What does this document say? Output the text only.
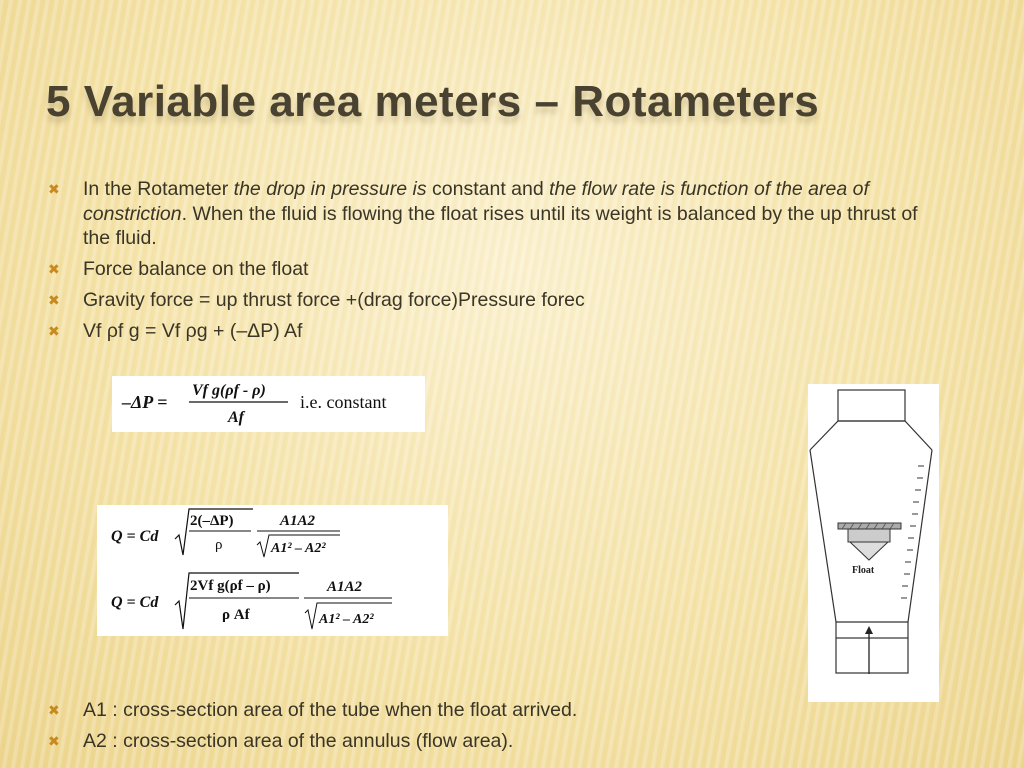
5 Variable area meters – Rotameters
✖ In the Rotameter the drop in pressure is constant and the flow rate is function of the area of constriction. When the fluid is flowing the float rises until its weight is balanced by the up thrust of the fluid.
✖ Force balance on the float
✖ Gravity force = up thrust force +(drag force)Pressure forec
✖ Vf ρf g = Vf ρg + (–ΔP) Af
–ΔP =
Vf g(ρf - ρ)
Af
i.e. constant
Q = Cd
2(–ΔP)
ρ
A1A2
A1² – A2²
Q = Cd
2Vf g(ρf – ρ)
ρ Af
A1A2
A1² – A2²
Float
✖ A1 : cross-section area of the tube when the float arrived.
✖ A2 : cross-section area of the annulus (flow area).
